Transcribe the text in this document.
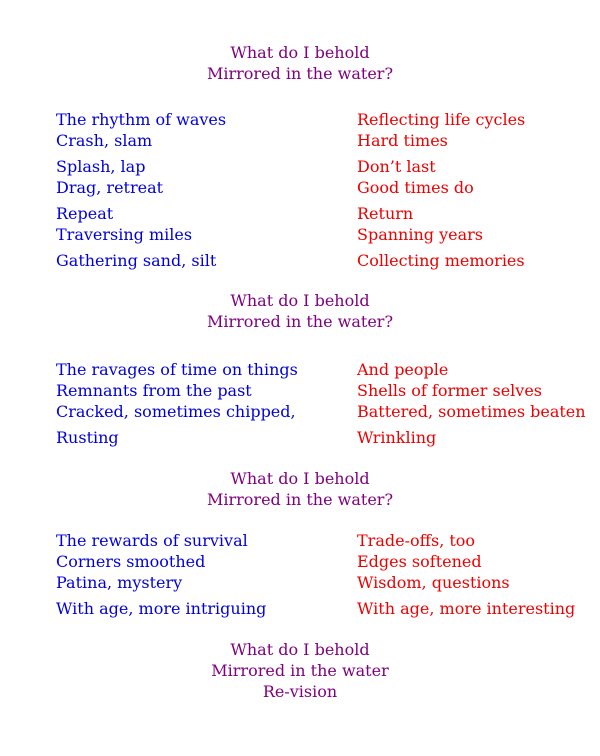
What do I behold
Mirrored in the water?
The rhythm of waves
Crash, slam
Splash, lap
Drag, retreat
Repeat
Traversing miles
Gathering sand, silt
Reflecting life cycles
Hard times
Don’t last
Good times do
Return
Spanning years
Collecting memories
What do I behold
Mirrored in the water?
The ravages of time on things
Remnants from the past
Cracked, sometimes chipped,
Rusting
And people
Shells of former selves
Battered, sometimes beaten
Wrinkling
What do I behold
Mirrored in the water?
The rewards of survival
Corners smoothed
Patina, mystery
With age, more intriguing
Trade-offs, too
Edges softened
Wisdom, questions
With age, more interesting
What do I behold
Mirrored in the water
Re-vision
